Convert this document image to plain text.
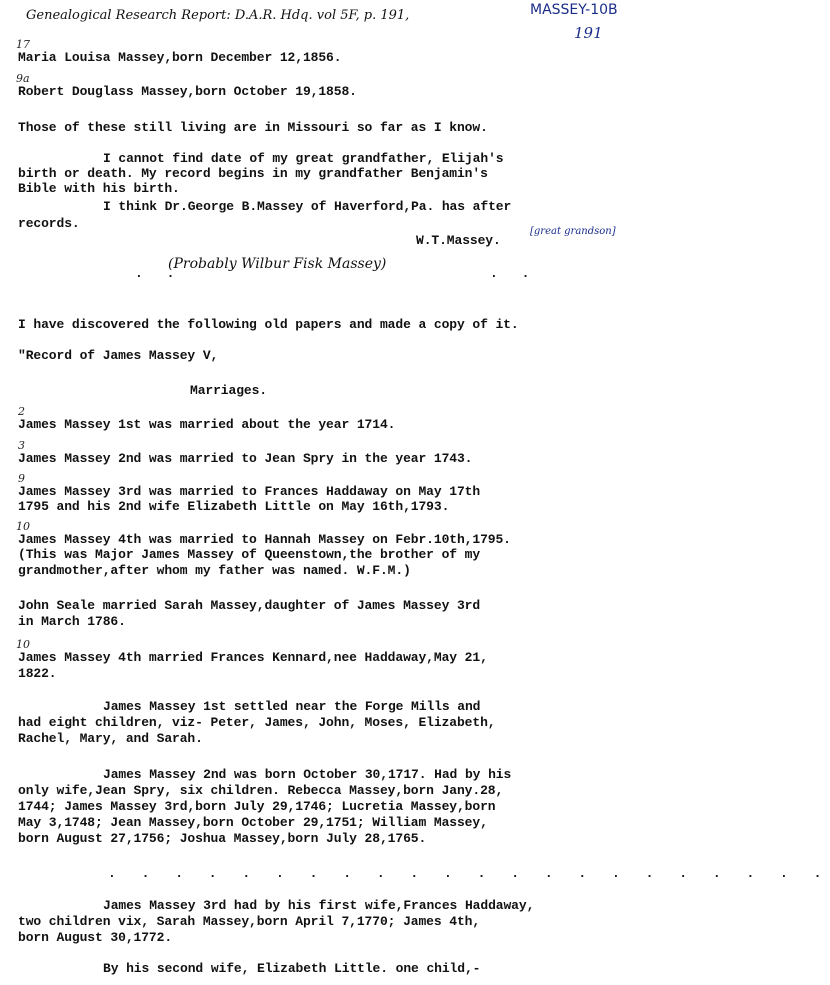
Genealogical Research Report: D.A.R. Hdq. vol 5F, p. 191,	MASSEY-10B
191
Maria Louisa Massey,born December 12,1856.
Robert Douglass Massey,born October 19,1858.
Those of these still living are in Missouri so far as I know.
I cannot find date of my great grandfather, Elijah's
birth or death. My record begins in my grandfather Benjamin's
Bible with his birth.
I think Dr.George B.Massey of Haverford,Pa. has after
records.
W.T.Massey.
[great grandson]
(Probably Wilbur Fisk Massey)
. .	. .
I have discovered the following old papers and made a copy of it.
"Record of James Massey V,
Marriages.
James Massey 1st was married about the year 1714.
James Massey 2nd was married to Jean Spry in the year 1743.
James Massey 3rd was married to Frances Haddaway on May 17th
1795 and his 2nd wife Elizabeth Little on May 16th,1793.
James Massey 4th was married to Hannah Massey on Febr.10th,1795.
(This was Major James Massey of Queenstown,the brother of my
grandmother,after whom my father was named. W.F.M.)
John Seale married Sarah Massey,daughter of James Massey 3rd
in March 1786.
James Massey 4th married Frances Kennard,nee Haddaway,May 21,
1822.
James Massey 1st settled near the Forge Mills and
had eight children, viz- Peter, James, John, Moses, Elizabeth,
Rachel, Mary, and Sarah.
James Massey 2nd was born October 30,1717. Had by his
only wife,Jean Spry, six children. Rebecca Massey,born Jany.28,
1744; James Massey 3rd,born July 29,1746; Lucretia Massey,born
May 3,1748; Jean Massey,born October 29,1751; William Massey,
born August 27,1756; Joshua Massey,born July 28,1765.
. . . . . . . . . . . . . . . . . . . . . .
James Massey 3rd had by his first wife,Frances Haddaway,
two children vix, Sarah Massey,born April 7,1770; James 4th,
born August 30,1772.
By his second wife, Elizabeth Little. one child,-
17
9a
2
3
9
10
10
